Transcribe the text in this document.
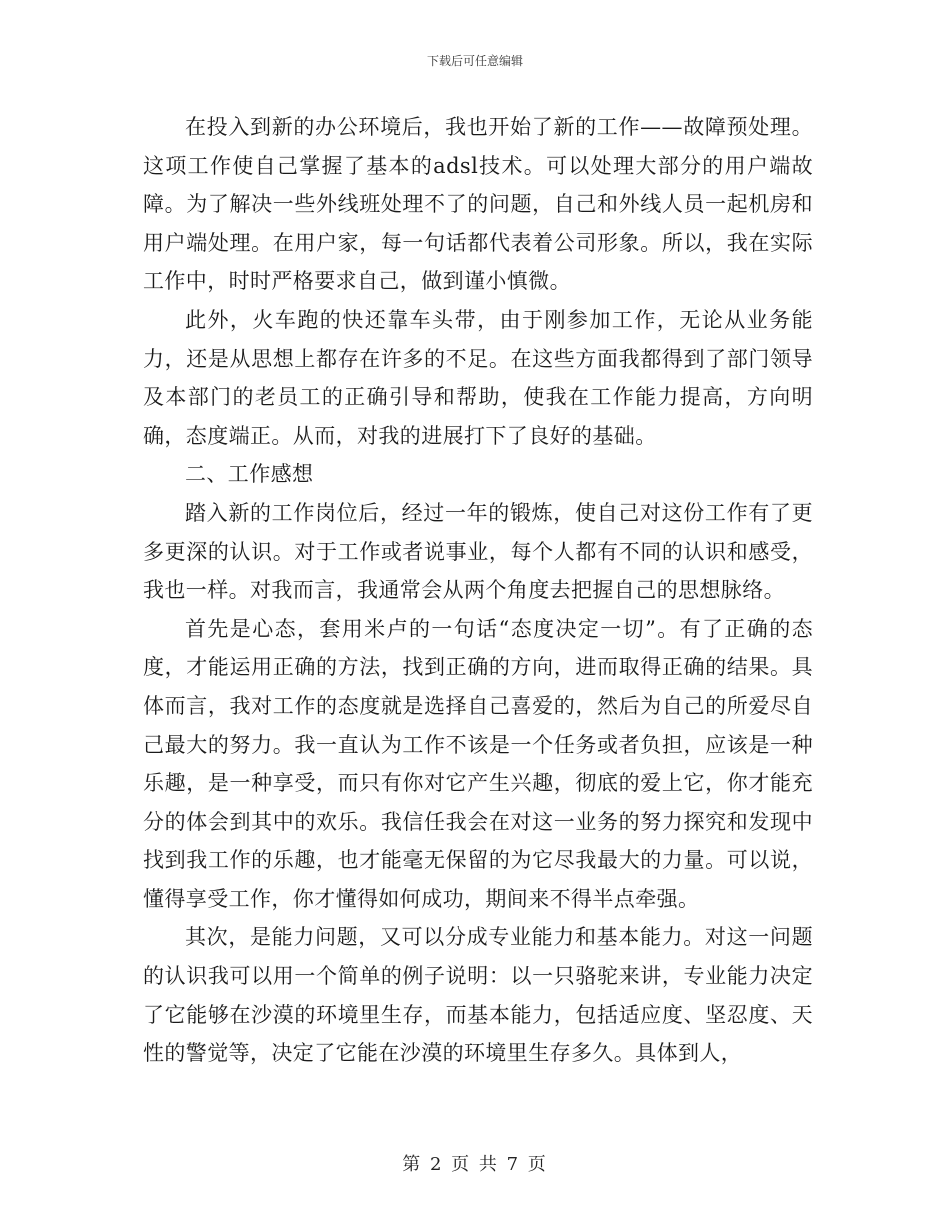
下载后可任意编辑

在投入到新的办公环境后，我也开始了新的工作——故障预处理。这项工作使自己掌握了基本的adsl技术。可以处理大部分的用户端故障。为了解决一些外线班处理不了的问题，自己和外线人员一起机房和用户端处理。在用户家，每一句话都代表着公司形象。所以，我在实际工作中，时时严格要求自己，做到谨小慎微。

此外，火车跑的快还靠车头带，由于刚参加工作，无论从业务能力，还是从思想上都存在许多的不足。在这些方面我都得到了部门领导及本部门的老员工的正确引导和帮助，使我在工作能力提高，方向明确，态度端正。从而，对我的进展打下了良好的基础。

二、工作感想

踏入新的工作岗位后，经过一年的锻炼，使自己对这份工作有了更多更深的认识。对于工作或者说事业，每个人都有不同的认识和感受，我也一样。对我而言，我通常会从两个角度去把握自己的思想脉络。

首先是心态，套用米卢的一句话“态度决定一切”。有了正确的态度，才能运用正确的方法，找到正确的方向，进而取得正确的结果。具体而言，我对工作的态度就是选择自己喜爱的，然后为自己的所爱尽自己最大的努力。我一直认为工作不该是一个任务或者负担，应该是一种乐趣，是一种享受，而只有你对它产生兴趣，彻底的爱上它，你才能充分的体会到其中的欢乐。我信任我会在对这一业务的努力探究和发现中找到我工作的乐趣，也才能毫无保留的为它尽我最大的力量。可以说，懂得享受工作，你才懂得如何成功，期间来不得半点牵强。

其次，是能力问题，又可以分成专业能力和基本能力。对这一问题的认识我可以用一个简单的例子说明：以一只骆驼来讲，专业能力决定了它能够在沙漠的环境里生存，而基本能力，包括适应度、坚忍度、天性的警觉等，决定了它能在沙漠的环境里生存多久。具体到人，

第 2 页 共 7 页
